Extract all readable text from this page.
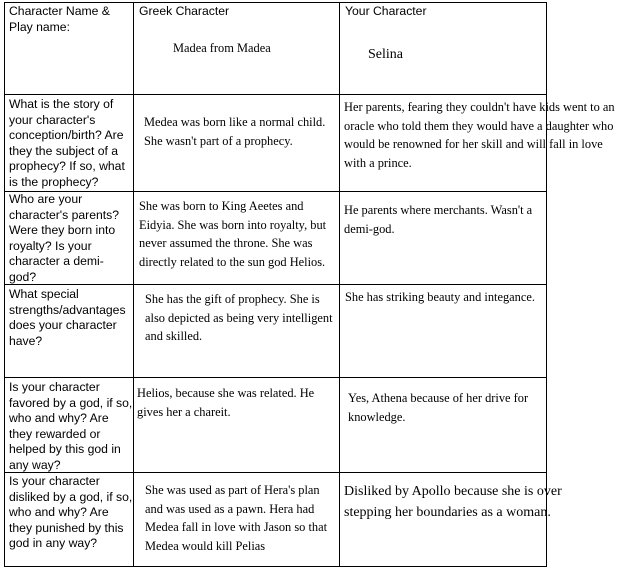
Character Name & Play name:
Greek Character	Your Character
Madea from Madea	Selina
What is the story of your character's conception/birth? Are they the subject of a prophecy? If so, what is the prophecy?
Medea was born like a normal child. She wasn't part of a prophecy.
Her parents, fearing they couldn't have kids went to an oracle who told them they would have a daughter who would be renowned for her skill and will fall in love with a prince.
Who are your character's parents? Were they born into royalty? Is your character a demi-god?
She was born to King Aeetes and Eidyia. She was born into royalty, but never assumed the throne. She was directly related to the sun god Helios.
He parents where merchants. Wasn't a demi-god.
What special strengths/advantages does your character have?
She has the gift of prophecy. She is also depicted as being very intelligent and skilled.
She has striking beauty and integance.
Is your character favored by a god, if so, who and why? Are they rewarded or helped by this god in any way?
Helios, because she was related. He gives her a chareit.
Yes, Athena because of her drive for knowledge.
Is your character disliked by a god, if so, who and why? Are they punished by this god in any way?
She was used as part of Hera's plan and was used as a pawn. Hera had Medea fall in love with Jason so that Medea would kill Pelias
Disliked by Apollo because she is over stepping her boundaries as a woman.
